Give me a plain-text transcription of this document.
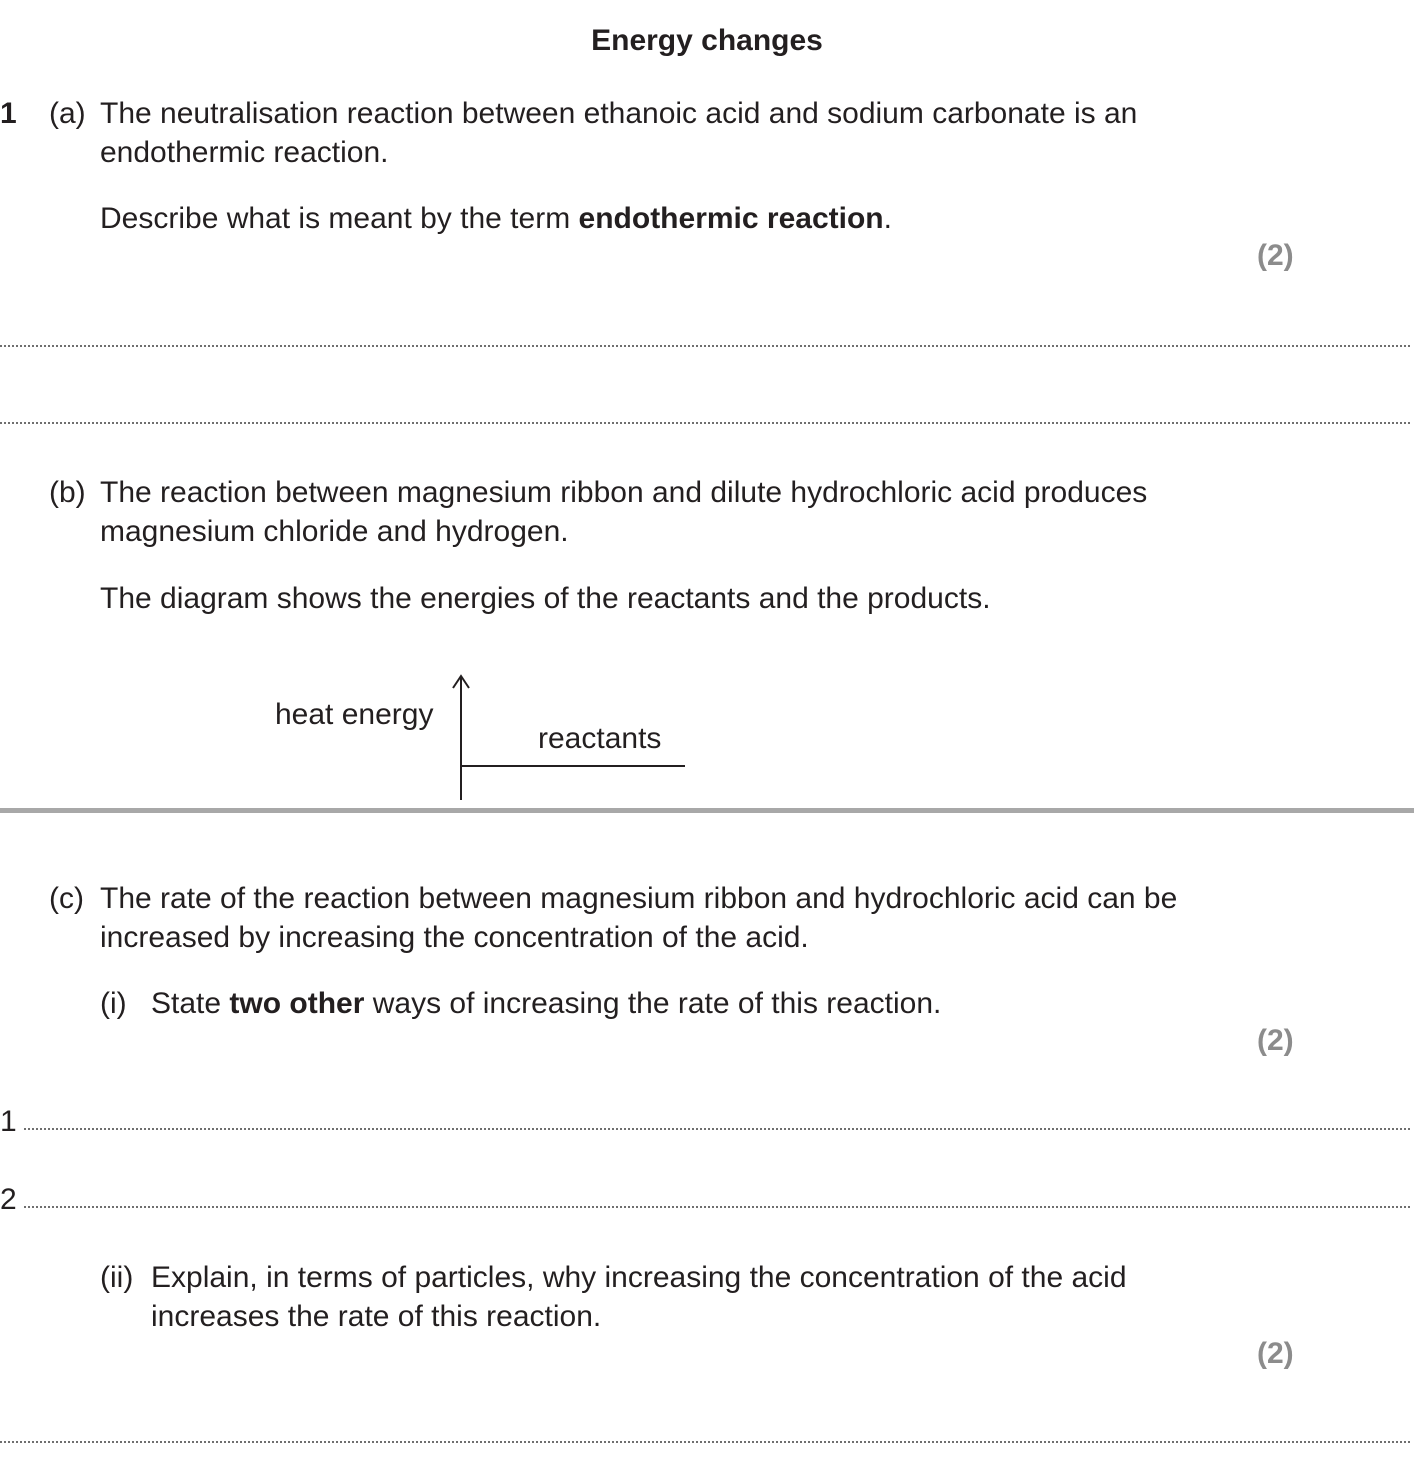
Energy changes
1 (a) The neutralisation reaction between ethanoic acid and sodium carbonate is an
endothermic reaction.
Describe what is meant by the term endothermic reaction.
(2)
(b) The reaction between magnesium ribbon and dilute hydrochloric acid produces
magnesium chloride and hydrogen.
The diagram shows the energies of the reactants and the products.
heat energy
reactants
(c) The rate of the reaction between magnesium ribbon and hydrochloric acid can be
increased by increasing the concentration of the acid.
(i) State two other ways of increasing the rate of this reaction.
(2)
1
2
(ii) Explain, in terms of particles, why increasing the concentration of the acid
increases the rate of this reaction.
(2)
